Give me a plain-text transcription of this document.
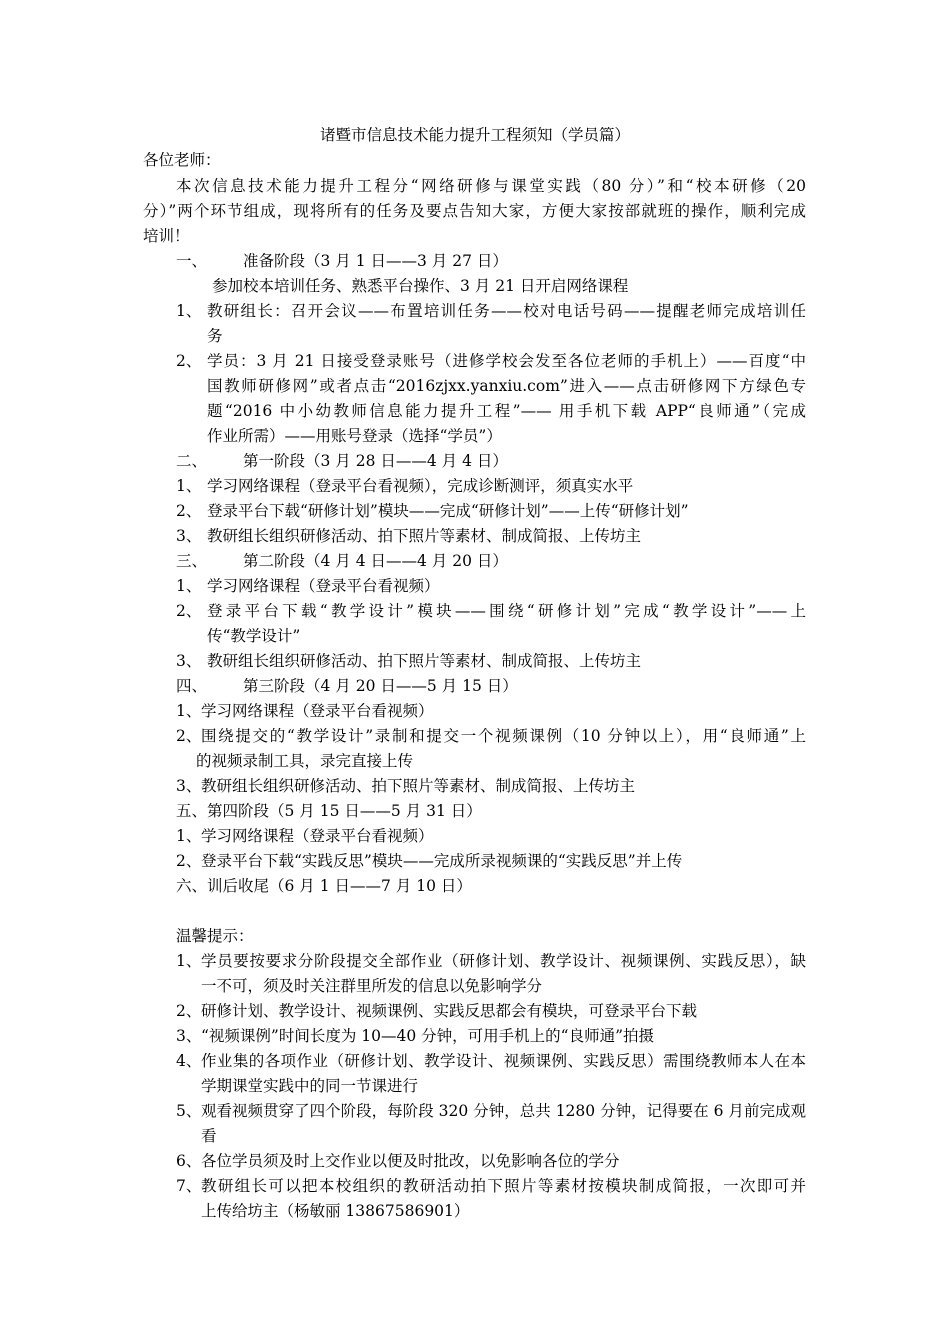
诸暨市信息技术能力提升工程须知（学员篇）
各位老师：
本次信息技术能力提升工程分“网络研修与课堂实践（80 分）”和“校本研修（20
分）”两个环节组成，现将所有的任务及要点告知大家，方便大家按部就班的操作，顺利完成
培训！
一、 准备阶段（3 月 1 日——3 月 27 日）
参加校本培训任务、熟悉平台操作、3 月 21 日开启网络课程
1、 教研组长：召开会议——布置培训任务——校对电话号码——提醒老师完成培训任
务
2、 学员：3 月 21 日接受登录账号（进修学校会发至各位老师的手机上）——百度“中
国教师研修网”或者点击“2016zjxx.yanxiu.com”进入——点击研修网下方绿色专
题“2016 中小幼教师信息能力提升工程”—— 用手机下载 APP“良师通”（完成
作业所需）——用账号登录（选择“学员”）
二、 第一阶段（3 月 28 日——4 月 4 日）
1、 学习网络课程（登录平台看视频），完成诊断测评，须真实水平
2、 登录平台下载“研修计划”模块——完成“研修计划”——上传“研修计划”
3、 教研组长组织研修活动、拍下照片等素材、制成简报、上传坊主
三、 第二阶段（4 月 4 日——4 月 20 日）
1、 学习网络课程（登录平台看视频）
2、 登录平台下载“教学设计”模块——围绕“研修计划”完成“教学设计”——上
传“教学设计”
3、 教研组长组织研修活动、拍下照片等素材、制成简报、上传坊主
四、 第三阶段（4 月 20 日——5 月 15 日）
1、 学习网络课程（登录平台看视频）
2、 围绕提交的“教学设计”录制和提交一个视频课例（10 分钟以上），用“良师通”上
的视频录制工具，录完直接上传
3、 教研组长组织研修活动、拍下照片等素材、制成简报、上传坊主
五、第四阶段（5 月 15 日——5 月 31 日）
1、 学习网络课程（登录平台看视频）
2、 登录平台下载“实践反思”模块——完成所录视频课的“实践反思”并上传
六、训后收尾（6 月 1 日——7 月 10 日）
温馨提示：
1、 学员要按要求分阶段提交全部作业（研修计划、教学设计、视频课例、实践反思），缺
一不可，须及时关注群里所发的信息以免影响学分
2、 研修计划、教学设计、视频课例、实践反思都会有模块，可登录平台下载
3、 “视频课例”时间长度为 10—40 分钟，可用手机上的“良师通”拍摄
4、 作业集的各项作业（研修计划、教学设计、视频课例、实践反思）需围绕教师本人在本
学期课堂实践中的同一节课进行
5、 观看视频贯穿了四个阶段，每阶段 320 分钟，总共 1280 分钟，记得要在 6 月前完成观
看
6、 各位学员须及时上交作业以便及时批改，以免影响各位的学分
7、 教研组长可以把本校组织的教研活动拍下照片等素材按模块制成简报，一次即可并
上传给坊主（杨敏丽 13867586901）
